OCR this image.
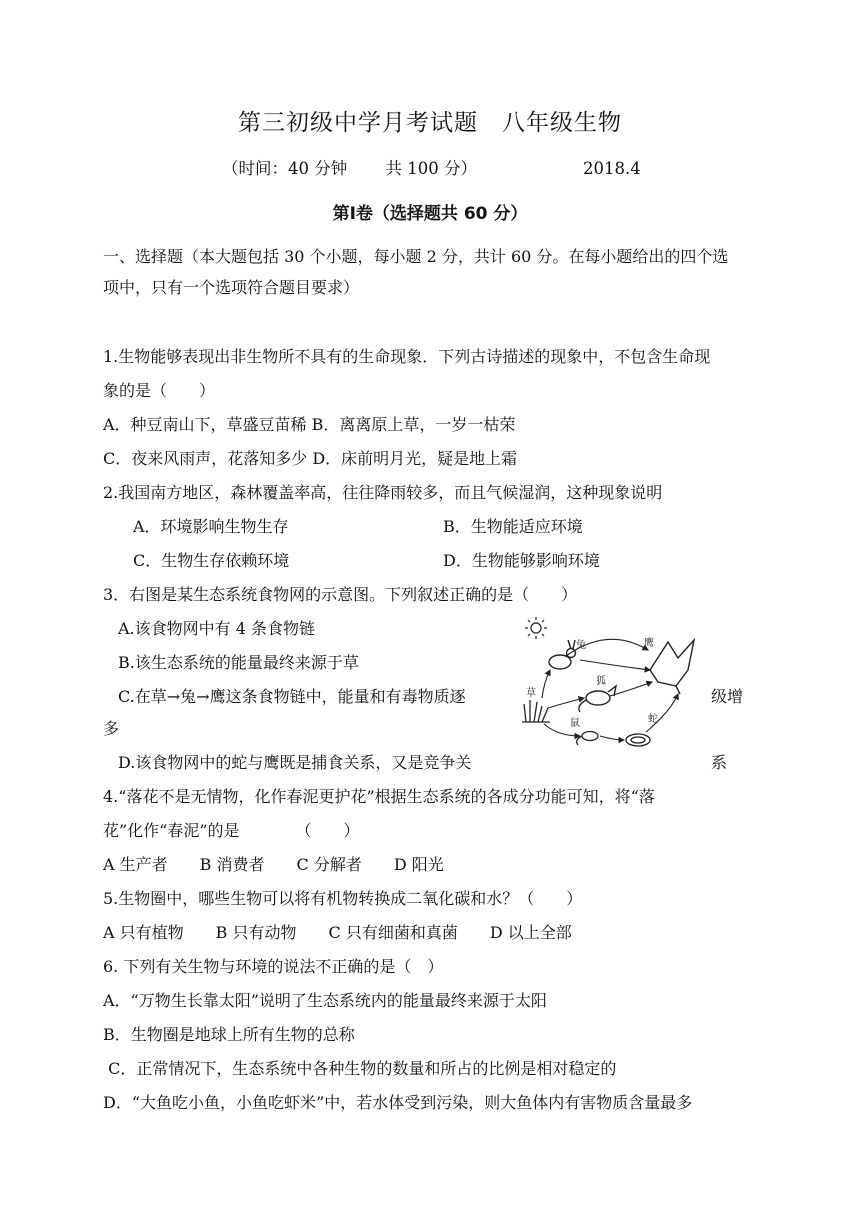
第三初级中学月考试题　八年级生物
（时间：40 分钟　　 共 100 分）	2018.4
第Ⅰ卷（选择题共 60 分）
一、选择题（本大题包括 30 个小题，每小题 2 分，共计 60 分。在每小题给出的四个选
项中，只有一个选项符合题目要求）
1.生物能够表现出非生物所不具有的生命现象．下列古诗描述的现象中，不包含生命现
象的是（　　）
A．种豆南山下，草盛豆苗稀 B．离离原上草，一岁一枯荣
C．夜来风雨声，花落知多少 D．床前明月光，疑是地上霜
2.我国南方地区，森林覆盖率高，往往降雨较多，而且气候湿润，这种现象说明
A．环境影响生物生存	B．生物能适应环境
C．生物生存依赖环境	D．生物能够影响环境
3．右图是某生态系统食物网的示意图。下列叙述正确的是（　　）
A.该食物网中有 4 条食物链
B.该生态系统的能量最终来源于草
C.在草→兔→鹰这条食物链中，能量和有毒物质逐	级增
多
D.该食物网中的蛇与鹰既是捕食关系，又是竞争关	系
兔	鹰
草
狐
鼠	蛇
4.“落花不是无情物，化作春泥更护花”根据生态系统的各成分功能可知，将“落
花”化作“春泥”的是　　　　（　　）
A 生产者　　B 消费者　　C 分解者　　D 阳光
5.生物圈中，哪些生物可以将有机物转换成二氧化碳和水？（　　）
A 只有植物　　B 只有动物　　C 只有细菌和真菌　　D 以上全部
6. 下列有关生物与环境的说法不正确的是（　）
A．“万物生长靠太阳”说明了生态系统内的能量最终来源于太阳
B．生物圈是地球上所有生物的总称
C．正常情况下，生态系统中各种生物的数量和所占的比例是相对稳定的
D．“大鱼吃小鱼，小鱼吃虾米”中，若水体受到污染，则大鱼体内有害物质含量最多
